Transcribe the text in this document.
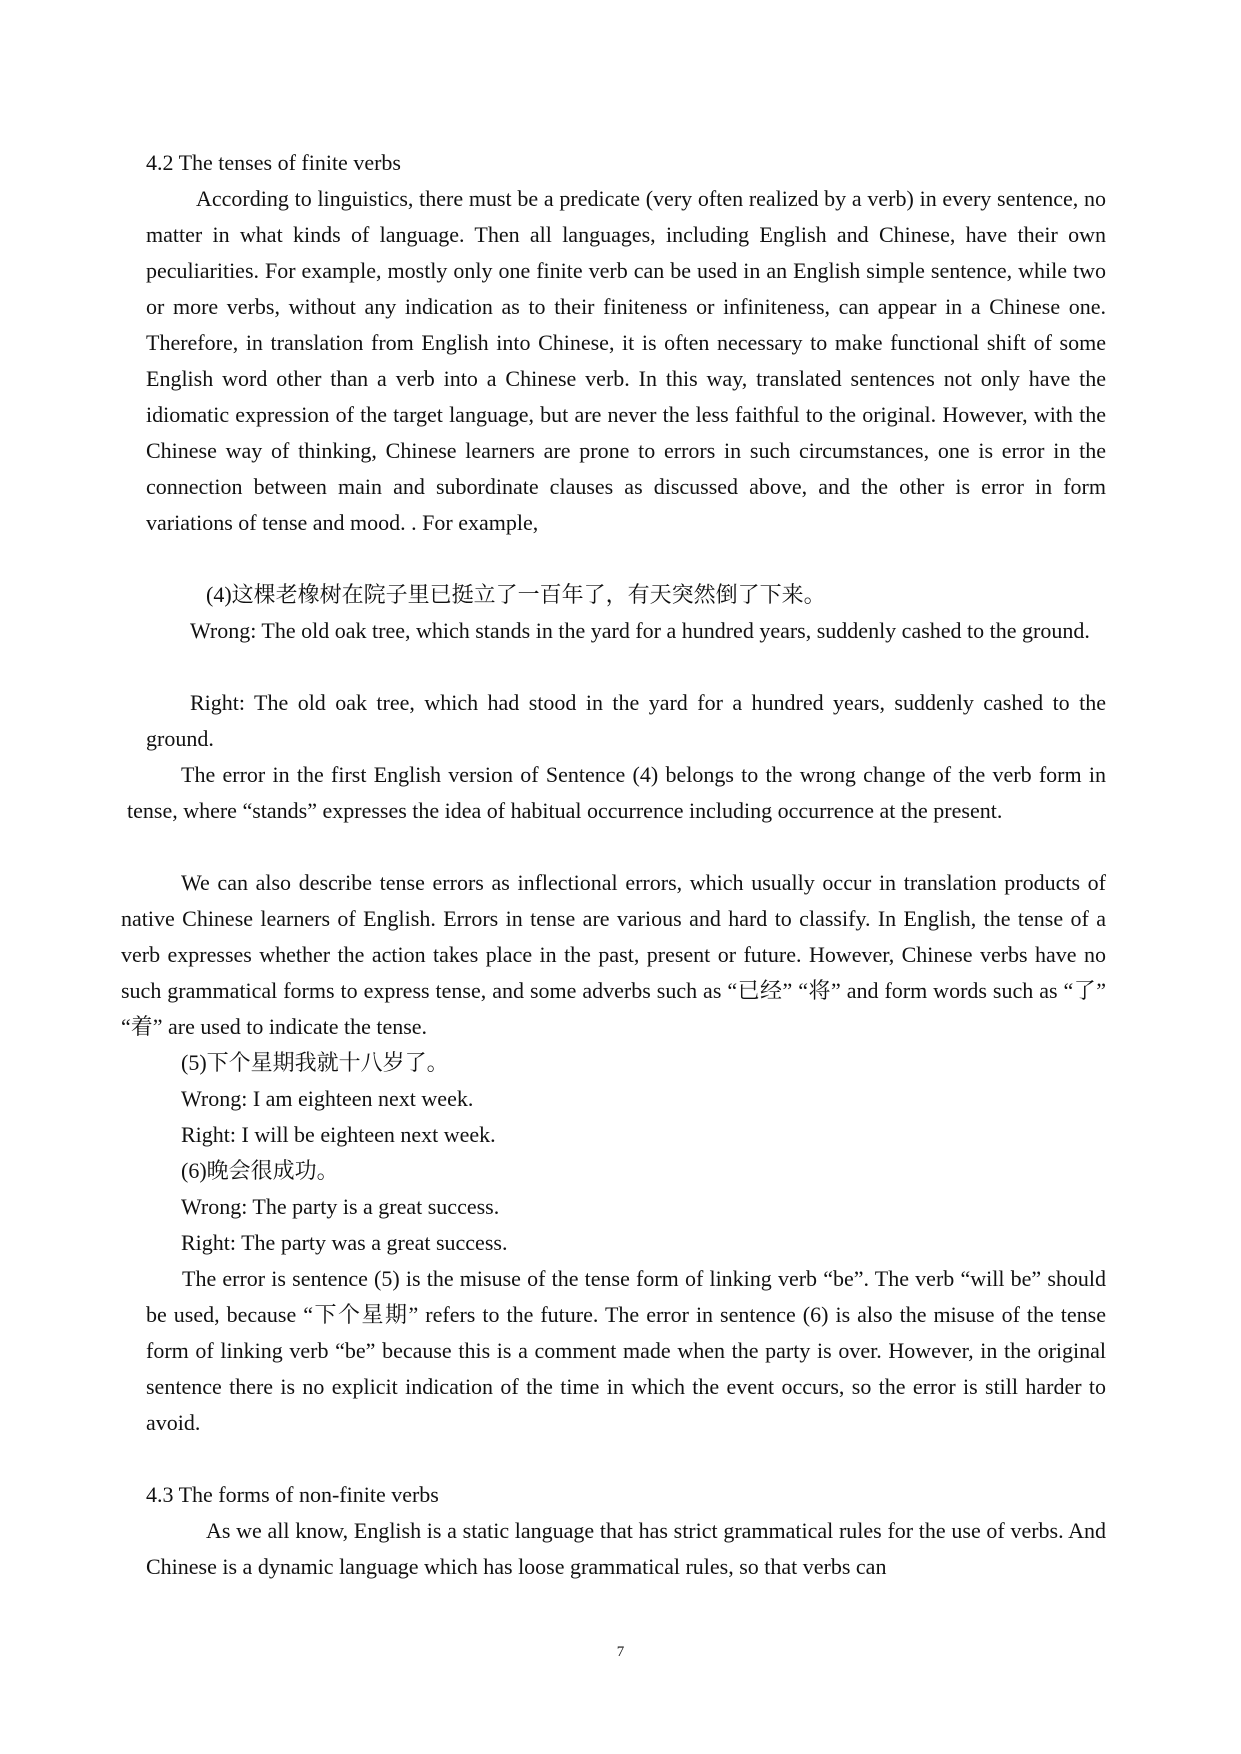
4.2 The tenses of finite verbs
According to linguistics, there must be a predicate (very often realized by a verb) in every sentence, no matter in what kinds of language. Then all languages, including English and Chinese, have their own peculiarities. For example, mostly only one finite verb can be used in an English simple sentence, while two or more verbs, without any indication as to their finiteness or infiniteness, can appear in a Chinese one. Therefore, in translation from English into Chinese, it is often necessary to make functional shift of some English word other than a verb into a Chinese verb. In this way, translated sentences not only have the idiomatic expression of the target language, but are never the less faithful to the original. However, with the Chinese way of thinking, Chinese learners are prone to errors in such circumstances, one is error in the connection between main and subordinate clauses as discussed above, and the other is error in form variations of tense and mood. . For example,
(4)这棵老橡树在院子里已挺立了一百年了，有天突然倒了下来。
Wrong: The old oak tree, which stands in the yard for a hundred years, suddenly cashed to the ground.
Right: The old oak tree, which had stood in the yard for a hundred years, suddenly cashed to the ground.
The error in the first English version of Sentence (4) belongs to the wrong change of the verb form in tense, where “stands” expresses the idea of habitual occurrence including occurrence at the present.
We can also describe tense errors as inflectional errors, which usually occur in translation products of native Chinese learners of English. Errors in tense are various and hard to classify. In English, the tense of a verb expresses whether the action takes place in the past, present or future. However, Chinese verbs have no such grammatical forms to express tense, and some adverbs such as “已经” “将” and form words such as “了” “着” are used to indicate the tense.
(5)下个星期我就十八岁了。
Wrong: I am eighteen next week.
Right: I will be eighteen next week.
(6)晚会很成功。
Wrong: The party is a great success.
Right: The party was a great success.
The error is sentence (5) is the misuse of the tense form of linking verb “be”. The verb “will be” should be used, because “下个星期” refers to the future. The error in sentence (6) is also the misuse of the tense form of linking verb “be” because this is a comment made when the party is over. However, in the original sentence there is no explicit indication of the time in which the event occurs, so the error is still harder to avoid.
4.3 The forms of non-finite verbs
As we all know, English is a static language that has strict grammatical rules for the use of verbs. And Chinese is a dynamic language which has loose grammatical rules, so that verbs can
7
